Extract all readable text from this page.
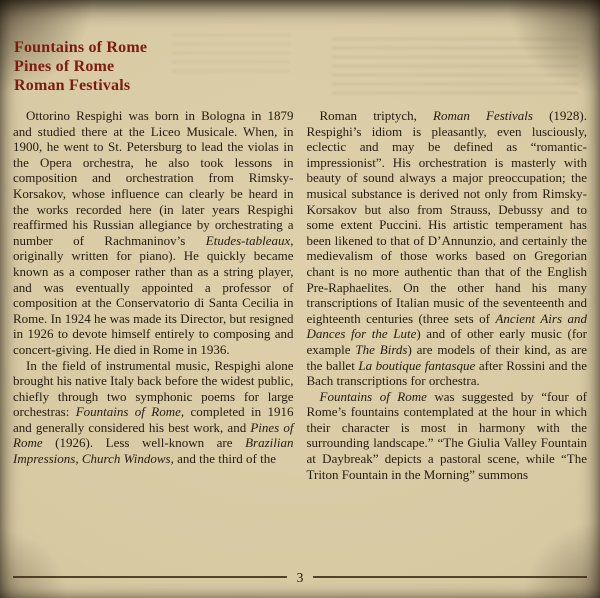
Fountains of Rome
Pines of Rome
Roman Festivals

Ottorino Respighi was born in Bologna in 1879 and studied there at the Liceo Musicale. When, in 1900, he went to St. Petersburg to lead the violas in the Opera orchestra, he also took lessons in composition and orchestration from Rimsky-Korsakov, whose influence can clearly be heard in the works recorded here (in later years Respighi reaffirmed his Russian allegiance by orchestrating a number of Rachmaninov’s Etudes-tableaux, originally written for piano). He quickly became known as a composer rather than as a string player, and was eventually appointed a professor of composition at the Conservatorio di Santa Cecilia in Rome. In 1924 he was made its Director, but resigned in 1926 to devote himself entirely to composing and concert-giving. He died in Rome in 1936.

In the field of instrumental music, Respighi alone brought his native Italy back before the widest public, chiefly through two symphonic poems for large orchestras: Fountains of Rome, completed in 1916 and generally considered his best work, and Pines of Rome (1926). Less well-known are Brazilian Impressions, Church Windows, and the third of the

Roman triptych, Roman Festivals (1928). Respighi’s idiom is pleasantly, even lusciously, eclectic and may be defined as “romantic-impressionist”. His orchestration is masterly with beauty of sound always a major preoccupation; the musical substance is derived not only from Rimsky-Korsakov but also from Strauss, Debussy and to some extent Puccini. His artistic temperament has been likened to that of D’Annunzio, and certainly the medievalism of those works based on Gregorian chant is no more authentic than that of the English Pre-Raphaelites. On the other hand his many transcriptions of Italian music of the seventeenth and eighteenth centuries (three sets of Ancient Airs and Dances for the Lute) and of other early music (for example The Birds) are models of their kind, as are the ballet La boutique fantasque after Rossini and the Bach transcriptions for orchestra.

Fountains of Rome was suggested by “four of Rome’s fountains contemplated at the hour in which their character is most in harmony with the surrounding landscape.” “The Giulia Valley Fountain at Daybreak” depicts a pastoral scene, while “The Triton Fountain in the Morning” summons

3
